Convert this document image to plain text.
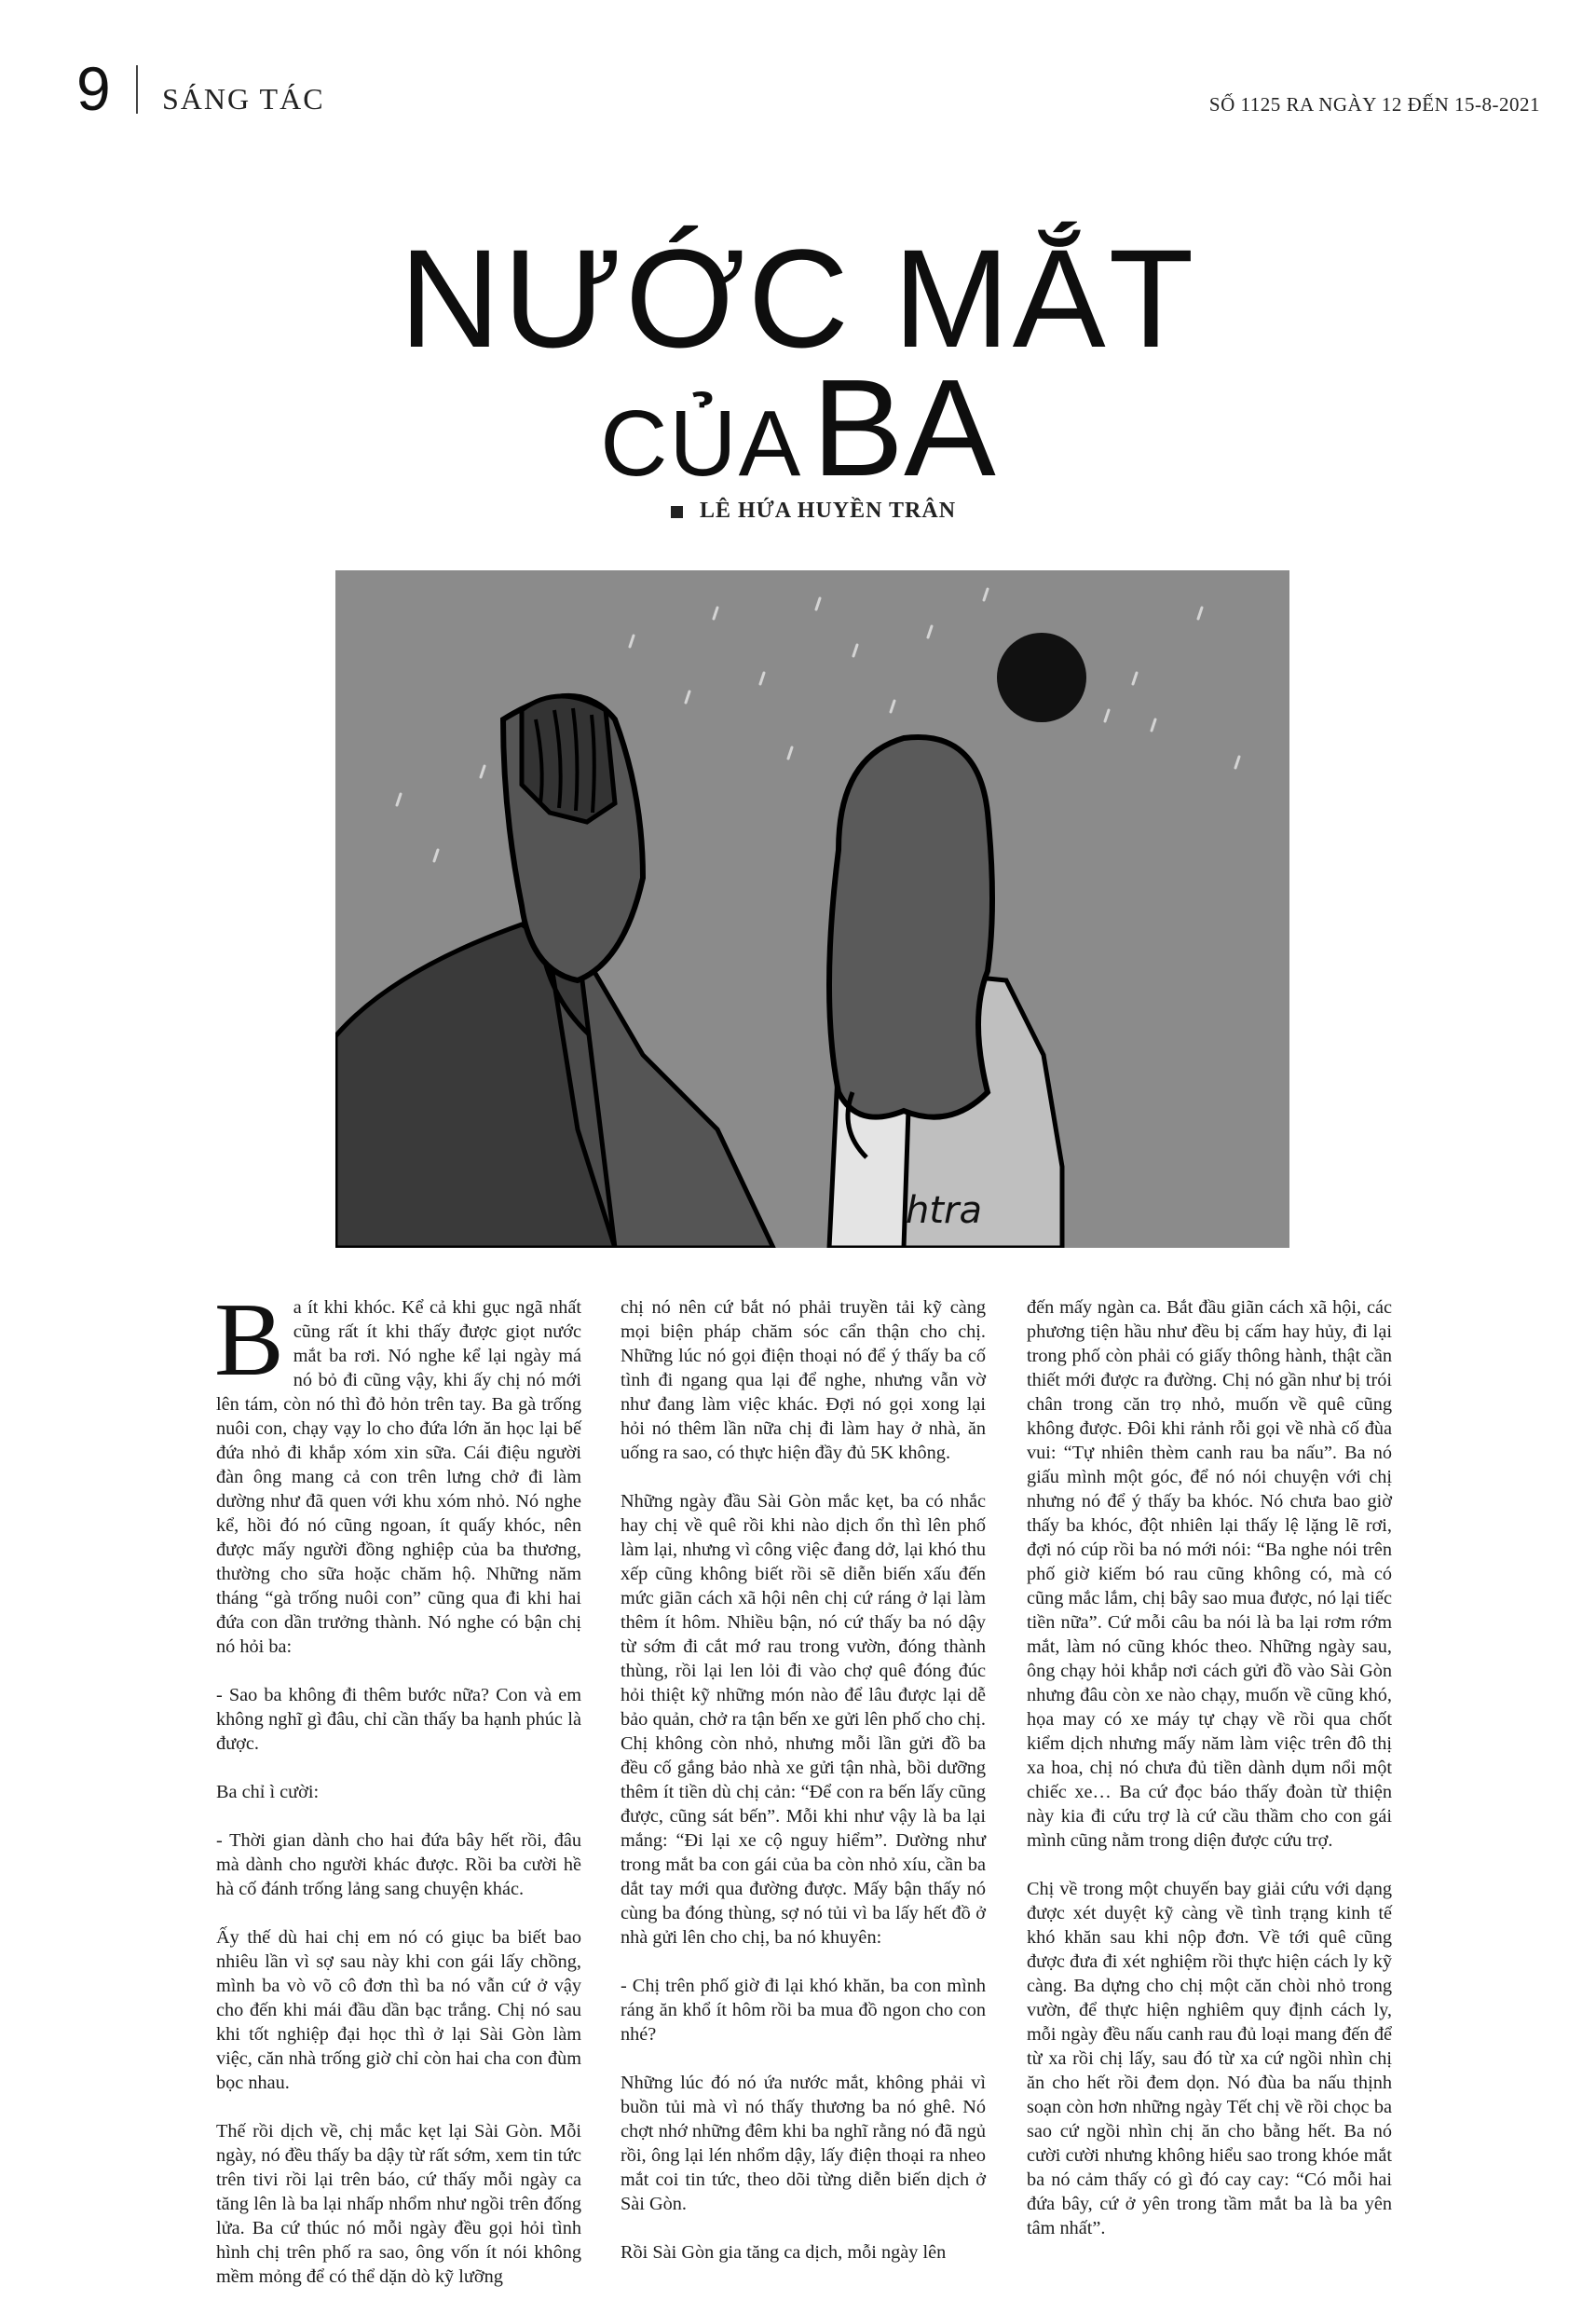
9 SÁNG TÁC	SỐ 1125 RA NGÀY 12 ĐẾN 15-8-2021
NƯỚC MẮT
CỦABA
LÊ HỨA HUYỀN TRÂN
htra

Ba ít khi khóc. Kể cả khi gục ngã nhất cũng rất ít khi thấy được giọt nước mắt ba rơi. Nó nghe kể lại ngày má nó bỏ đi cũng vậy, khi ấy chị nó mới lên tám, còn nó thì đỏ hỏn trên tay. Ba gà trống nuôi con, chạy vạy lo cho đứa lớn ăn học lại bế đứa nhỏ đi khắp xóm xin sữa. Cái điệu người đàn ông mang cả con trên lưng chở đi làm dường như đã quen với khu xóm nhỏ. Nó nghe kể, hồi đó nó cũng ngoan, ít quấy khóc, nên được mấy người đồng nghiệp của ba thương, thường cho sữa hoặc chăm hộ. Những năm tháng “gà trống nuôi con” cũng qua đi khi hai đứa con dần trưởng thành. Nó nghe có bận chị nó hỏi ba:

- Sao ba không đi thêm bước nữa? Con và em không nghĩ gì đâu, chỉ cần thấy ba hạnh phúc là được.

Ba chỉ ì cười:

- Thời gian dành cho hai đứa bây hết rồi, đâu mà dành cho người khác được. Rồi ba cười hề hà cố đánh trống lảng sang chuyện khác.

Ấy thế dù hai chị em nó có giục ba biết bao nhiêu lần vì sợ sau này khi con gái lấy chồng, mình ba vò võ cô đơn thì ba nó vẫn cứ ở vậy cho đến khi mái đầu dần bạc trắng. Chị nó sau khi tốt nghiệp đại học thì ở lại Sài Gòn làm việc, căn nhà trống giờ chỉ còn hai cha con đùm bọc nhau.

Thế rồi dịch về, chị mắc kẹt lại Sài Gòn. Mỗi ngày, nó đều thấy ba dậy từ rất sớm, xem tin tức trên tivi rồi lại trên báo, cứ thấy mỗi ngày ca tăng lên là ba lại nhấp nhổm như ngồi trên đống lửa. Ba cứ thúc nó mỗi ngày đều gọi hỏi tình hình chị trên phố ra sao, ông vốn ít nói không mềm mỏng để có thể dặn dò kỹ lưỡng

chị nó nên cứ bắt nó phải truyền tải kỹ càng mọi biện pháp chăm sóc cẩn thận cho chị. Những lúc nó gọi điện thoại nó để ý thấy ba cố tình đi ngang qua lại để nghe, nhưng vẫn vờ như đang làm việc khác. Đợi nó gọi xong lại hỏi nó thêm lần nữa chị đi làm hay ở nhà, ăn uống ra sao, có thực hiện đầy đủ 5K không.

Những ngày đầu Sài Gòn mắc kẹt, ba có nhắc hay chị về quê rồi khi nào dịch ổn thì lên phố làm lại, nhưng vì công việc đang dở, lại khó thu xếp cũng không biết rồi sẽ diễn biến xấu đến mức giãn cách xã hội nên chị cứ ráng ở lại làm thêm ít hôm. Nhiều bận, nó cứ thấy ba nó dậy từ sớm đi cắt mớ rau trong vườn, đóng thành thùng, rồi lại len lỏi đi vào chợ quê đóng đúc hỏi thiệt kỹ những món nào để lâu được lại dễ bảo quản, chở ra tận bến xe gửi lên phố cho chị. Chị không còn nhỏ, nhưng mỗi lần gửi đồ ba đều cố gắng bảo nhà xe gửi tận nhà, bồi dưỡng thêm ít tiền dù chị cản: “Để con ra bến lấy cũng được, cũng sát bến”. Mỗi khi như vậy là ba lại mắng: “Đi lại xe cộ nguy hiểm”. Dường như trong mắt ba con gái của ba còn nhỏ xíu, cần ba dắt tay mới qua đường được. Mấy bận thấy nó cùng ba đóng thùng, sợ nó tủi vì ba lấy hết đồ ở nhà gửi lên cho chị, ba nó khuyên:

- Chị trên phố giờ đi lại khó khăn, ba con mình ráng ăn khổ ít hôm rồi ba mua đồ ngon cho con nhé?

Những lúc đó nó ứa nước mắt, không phải vì buồn tủi mà vì nó thấy thương ba nó ghê. Nó chợt nhớ những đêm khi ba nghĩ rằng nó đã ngủ rồi, ông lại lén nhổm dậy, lấy điện thoại ra nheo mắt coi tin tức, theo dõi từng diễn biến dịch ở Sài Gòn.

Rồi Sài Gòn gia tăng ca dịch, mỗi ngày lên

đến mấy ngàn ca. Bắt đầu giãn cách xã hội, các phương tiện hầu như đều bị cấm hay hủy, đi lại trong phố còn phải có giấy thông hành, thật cần thiết mới được ra đường. Chị nó gần như bị trói chân trong căn trọ nhỏ, muốn về quê cũng không được. Đôi khi rảnh rỗi gọi về nhà cố đùa vui: “Tự nhiên thèm canh rau ba nấu”. Ba nó giấu mình một góc, để nó nói chuyện với chị nhưng nó để ý thấy ba khóc. Nó chưa bao giờ thấy ba khóc, đột nhiên lại thấy lệ lặng lẽ rơi, đợi nó cúp rồi ba nó mới nói: “Ba nghe nói trên phố giờ kiếm bó rau cũng không có, mà có cũng mắc lắm, chị bây sao mua được, nó lại tiếc tiền nữa”. Cứ mỗi câu ba nói là ba lại rơm rớm mắt, làm nó cũng khóc theo. Những ngày sau, ông chạy hỏi khắp nơi cách gửi đồ vào Sài Gòn nhưng đâu còn xe nào chạy, muốn về cũng khó, họa may có xe máy tự chạy về rồi qua chốt kiểm dịch nhưng mấy năm làm việc trên đô thị xa hoa, chị nó chưa đủ tiền dành dụm nổi một chiếc xe… Ba cứ đọc báo thấy đoàn từ thiện này kia đi cứu trợ là cứ cầu thầm cho con gái mình cũng nằm trong diện được cứu trợ.

Chị về trong một chuyến bay giải cứu với dạng được xét duyệt kỹ càng về tình trạng kinh tế khó khăn sau khi nộp đơn. Về tới quê cũng được đưa đi xét nghiệm rồi thực hiện cách ly kỹ càng. Ba dựng cho chị một căn chòi nhỏ trong vườn, để thực hiện nghiêm quy định cách ly, mỗi ngày đều nấu canh rau đủ loại mang đến để từ xa rồi chị lấy, sau đó từ xa cứ ngồi nhìn chị ăn cho hết rồi đem dọn. Nó đùa ba nấu thịnh soạn còn hơn những ngày Tết chị về rồi chọc ba sao cứ ngồi nhìn chị ăn cho bằng hết. Ba nó cười cười nhưng không hiểu sao trong khóe mắt ba nó cảm thấy có gì đó cay cay: “Có mỗi hai đứa bây, cứ ở yên trong tầm mắt ba là ba yên tâm nhất”.
